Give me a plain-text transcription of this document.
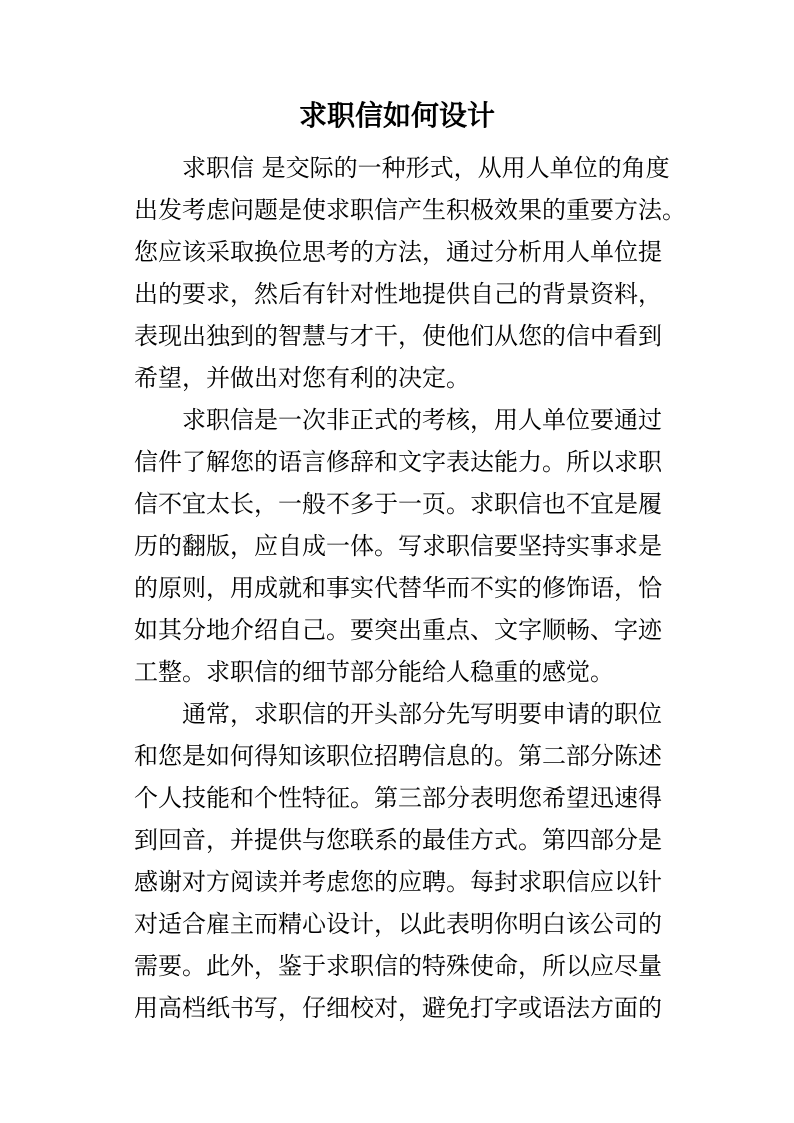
求职信如何设计

求职信 是交际的一种形式，从用人单位的角度

出发考虑问题是使求职信产生积极效果的重要方法。

您应该采取换位思考的方法，通过分析用人单位提

出的要求，然后有针对性地提供自己的背景资料，

表现出独到的智慧与才干，使他们从您的信中看到

希望，并做出对您有利的决定。

求职信是一次非正式的考核，用人单位要通过

信件了解您的语言修辞和文字表达能力。所以求职

信不宜太长，一般不多于一页。求职信也不宜是履

历的翻版，应自成一体。写求职信要坚持实事求是

的原则，用成就和事实代替华而不实的修饰语，恰

如其分地介绍自己。要突出重点、文字顺畅、字迹

工整。求职信的细节部分能给人稳重的感觉。

通常，求职信的开头部分先写明要申请的职位

和您是如何得知该职位招聘信息的。第二部分陈述

个人技能和个性特征。第三部分表明您希望迅速得

到回音，并提供与您联系的最佳方式。第四部分是

感谢对方阅读并考虑您的应聘。每封求职信应以针

对适合雇主而精心设计，以此表明你明白该公司的

需要。此外，鉴于求职信的特殊使命，所以应尽量

用高档纸书写，仔细校对，避免打字或语法方面的
